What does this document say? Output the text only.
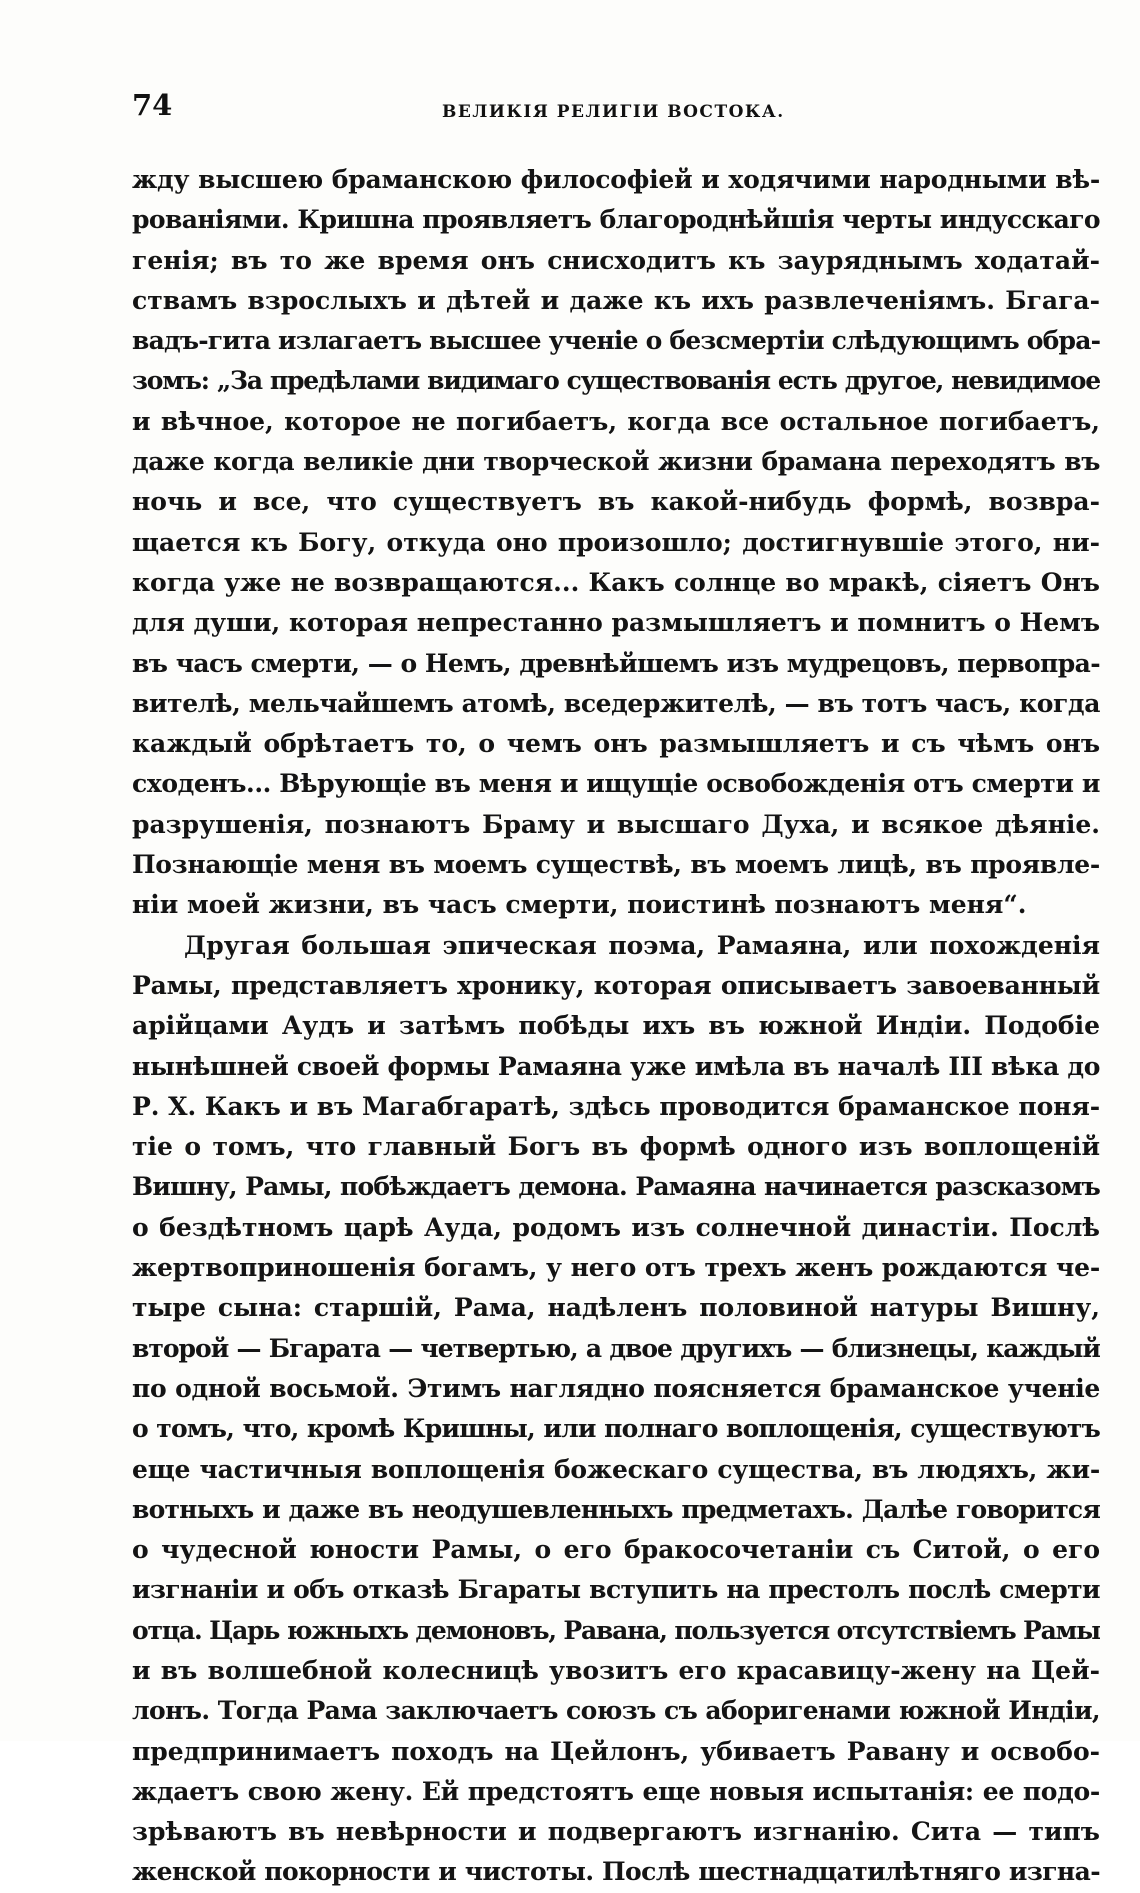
74	ВЕЛИКІЯ РЕЛИГІИ ВОСТОКА.
жду высшею браманскою философіей и ходячими народными вѣ-
рованіями. Кришна проявляетъ благороднѣйшія черты индусскаго
генія; въ то же время онъ снисходитъ къ зауряднымъ ходатай-
ствамъ взрослыхъ и дѣтей и даже къ ихъ развлеченіямъ. Бгага-
вадъ-гита излагаетъ высшее ученіе о безсмертіи слѣдующимъ обра-
зомъ: „За предѣлами видимаго существованія есть другое, невидимое
и вѣчное, которое не погибаетъ, когда все остальное погибаетъ,
даже когда великіе дни творческой жизни брамана переходятъ въ
ночь и все, что существуетъ въ какой-нибудь формѣ, возвра-
щается къ Богу, откуда оно произошло; достигнувшіе этого, ни-
когда уже не возвращаются... Какъ солнце во мракѣ, сіяетъ Онъ
для души, которая непрестанно размышляетъ и помнитъ о Немъ
въ часъ смерти, — о Немъ, древнѣйшемъ изъ мудрецовъ, первопра-
вителѣ, мельчайшемъ атомѣ, вседержителѣ, — въ тотъ часъ, когда
каждый обрѣтаетъ то, о чемъ онъ размышляетъ и съ чѣмъ онъ
сходенъ... Вѣрующіе въ меня и ищущіе освобожденія отъ смерти и
разрушенія, познаютъ Браму и высшаго Духа, и всякое дѣяніе.
Познающіе меня въ моемъ существѣ, въ моемъ лицѣ, въ проявле-
ніи моей жизни, въ часъ смерти, поистинѣ познаютъ меня“.
Другая большая эпическая поэма, Рамаяна, или похожденія
Рамы, представляетъ хронику, которая описываетъ завоеванный
арійцами Аудъ и затѣмъ побѣды ихъ въ южной Индіи. Подобіе
нынѣшней своей формы Рамаяна уже имѣла въ началѣ III вѣка до
Р. Х. Какъ и въ Магабгаратѣ, здѣсь проводится браманское поня-
тіе о томъ, что главный Богъ въ формѣ одного изъ воплощеній
Вишну, Рамы, побѣждаетъ демона. Рамаяна начинается разсказомъ
о бездѣтномъ царѣ Ауда, родомъ изъ солнечной династіи. Послѣ
жертвоприношенія богамъ, у него отъ трехъ женъ рождаются че-
тыре сына: старшій, Рама, надѣленъ половиной натуры Вишну,
второй — Бгарата — четвертью, а двое другихъ — близнецы, каждый
по одной восьмой. Этимъ наглядно поясняется браманское ученіе
о томъ, что, кромѣ Кришны, или полнаго воплощенія, существуютъ
еще частичныя воплощенія божескаго существа, въ людяхъ, жи-
вотныхъ и даже въ неодушевленныхъ предметахъ. Далѣе говорится
о чудесной юности Рамы, о его бракосочетаніи съ Ситой, о его
изгнаніи и объ отказѣ Бгараты вступить на престолъ послѣ смерти
отца. Царь южныхъ демоновъ, Равана, пользуется отсутствіемъ Рамы
и въ волшебной колесницѣ увозитъ его красавицу-жену на Цей-
лонъ. Тогда Рама заключаетъ союзъ съ аборигенами южной Индіи,
предпринимаетъ походъ на Цейлонъ, убиваетъ Равану и освобо-
ждаетъ свою жену. Ей предстоятъ еще новыя испытанія: ее подо-
зрѣваютъ въ невѣрности и подвергаютъ изгнанію. Сита — типъ
женской покорности и чистоты. Послѣ шестнадцатилѣтняго изгна-
